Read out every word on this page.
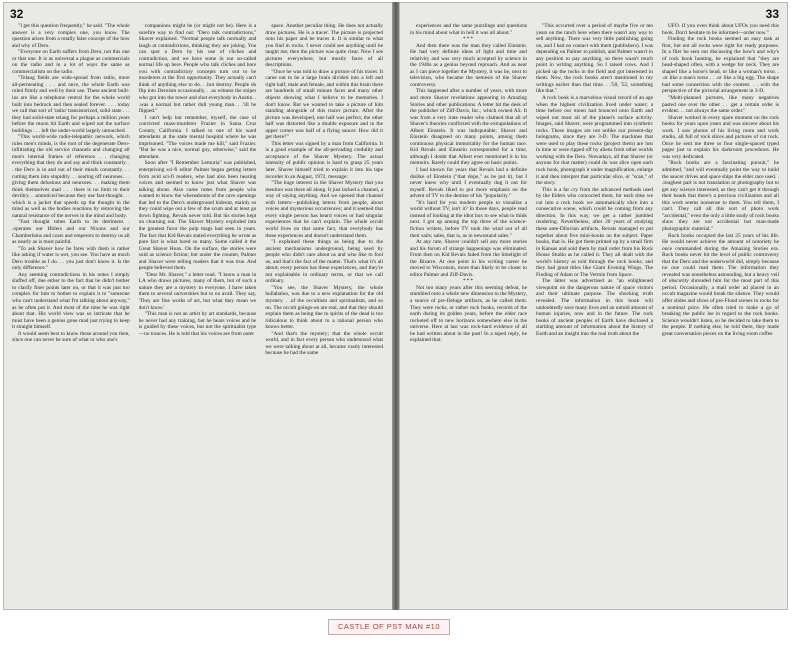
32

"I get this question frequently," he said. "The whole answer is a very complex one, you know. The question arises from a totally false concept of the how and why of Dero.

"Everyone on Earth suffers from Dero, not this one or that one. It is as universal a plague as commercials on the radio and in a lot of ways the same as commercialism on the radio.

"Telaug fields are wide-spread from radio, more all-permeating . . . and once, the whole Earth was ruled firmly and well by their use. These ancient built-ins are like a telephone central for the whole world built into bedrock and then sealed forever. . . . today we call that sort of 'radio' transistorized, solid state . . . they had solid-state telaug for perhaps a million years before the moon hit Earth and wiped out the surface buildings . . . left the under-world largely untouched.

"This world-wide radio-telepathic network, which rules men's minds, is the root of the degenerate Dero-infiltrating the old service channels and changing all men's internal frames of reference. . . changing everything that they do and say and think constantly. . . the Dero is in and out of their minds constantly. . . cutting them into stupidity. . . searing off neurones. . . giving them delusions and neuroses. . . making them think themselves mad . . . there is no limit to their deviltry. . .unnoticed because they use fast-thought. . . which is a jacket that speeds up the thought in the mind as well as the bodies reactions by removing the natural resistance of the nerves in the mind and body.

"Fast thought robes Earth to its detriment. . .operates our Hitlers and our Nixons and our Chamberlains and czars and emperors to destroy us all as nearly as is most painful.

"To ask Shaver how he fares with them is rather like asking if water is wet, you see. You have as much Dero trouble as I do. . . you just don't know it. Is the only difference."

Any seeming contradictions in his notes I simply sluffed off, due either to the fact that he didn't bother to clarify finer points later on, or that it was just too complex for him to bother to explain it to "someone who can't understand what I'm talking about anyway," as he often put it. And most of the time he was right about that. His world view was so intricate that he must have been a genius gone mad just trying to keep it straight himself.

It would seem best to know those around you then, since one can never be sure of what or who one's

companions might be (or might not be). Here is a surefire way to find out: "Dero talk contradictions," Shaver explained. "Normal people talk normally and laugh at contradictions, thinking they are joking. You can spot a Dero by his use of cliches and contradiction, and we have some in our so-called normal life up here. People who talk cliches and bore you with contradictory concepts turn out to be murderers at the first opportunity. They actually can't think of anything else to do. . .but destroy. People do flip into Deroism occasionally. . .as witness the sniper who got into the tower and shot everybody in Austin. . .was a normal but rather dull young man. . .'ill be flipped."

I can't help but remember, myself, the case of convicted mass-murderer Frazier in Santa Cruz County, California. I talked to one of his ward attendants at the state mental hospital where he was imprisoned. "The voices made me kill," said Frazier. "But he was a nice, normal guy, otherwise," said the attendant.

Soon after "I Remember Lemuria" was published, enterprising sci-fi editor Palmer began getting letters from avid sci-fi readers, who had also been hearing voices and seemed to know just what Shaver was talking about. Also came notes from people who wanted to know the whereabouts of the cave openings that led to the Dero's underground hideout, mainly so they could wipe out a few of the scum and at least go down fighting. Revals never told. But his stories kept on churning out. The Shaver Mystery exploded into the greatest furor the pulp mags had seen in years. The fact that Kid Revals stated everything he wrote as pure fact is what lured so many. Some called it the Great Shaver Hoax. On the surface, the stories were sold as science fiction; but under the counter, Palmer and Shaver were telling readers that it was true. And people believed them.

"Dear Mr. Shaver," a letter read. "I know a man in LA who draws pictures, many of them, but of such a nature they are a mystery to everyone. I have taken them to several universities but to no avail. They say, 'They are fine works of art, but what they mean we don't know.'

"This man is not an artist by art standards, because he never had any training, but he hears voices and he is guided by these voices, but not the spiritualist type—no trances. He is told that his voices are from outer

space. Another peculiar thing. He does not actually draw pictures. He is a tracer. The picture is projected onto his paper and he traces it. It is similar to what you find in rocks. I never could see anything until he taught me; then the picture was quite clear. Now I see pictures everywhere, but mostly faces of all descriptions.

"Once he was told to draw a picture of his tracer. It came out to be a large brain divided into a left and right half, male and female, and within this brain there are hundreds of small minute faces and many other objects showing what I believe to be memories. I don't know. But we wanted to take a picture of him standing alongside of this tracer picture. After the picture was developed, one half was perfect, the other half was distorted like a double exposure and in the upper corner was half of a flying saucer. How did it get there?"

This letter was signed by a man from California. It is a good example of the all-pervading credulity and acceptance of the Shaver Mystery. The actual intensity of public opinion is hard to grasp 25 years later. Shaver himself tried to explain it into his tape recorder in an August, 1972, message:

"The huge interest in the Shaver Mystery that you mention was there all along. It just lacked a channel, a way of saying anything. And we opened that channel with letters—publishing letters from people, about voices and mysterious occurrences; and it seemed that every single person has heard voices or had singular experiences that he can't explain. The whole occult world lives on that same fact, that everybody has these experiences and doesn't understand them.

"I explained these things as being due to the ancient mechanisms underground, being used by people who didn't care about us and who like to fool us, and that's the fact of the matter. That's what it's all about; every person has these experiences, and they're not explainable in ordinary terms, or that we call ordinary.

"You see, the Shaver Mystery, the whole hullabaloo, was due to a new explanation for the old mystery. . .of the occultism and spiritualism, and so on. The occult goings-on are real, and that they should explain them as being due to spirits of the dead is too ridiculous to think about to a rational person who knows better.

"And that's the mystery; that the whole occult world, and in fact every person who understood what we were talking about at all, became vastly interested because he had the same

33

experiences and the same puzzlings and questions in his mind about what in hell it was all about."

***

And then there was the man they called Einstein. He had very definite ideas of light and time and relativity and was very much accepted by science in the 1940s as a genius beyond reproach. And as near as I can piece together the Mystery, it was he, next to television, who became the nemesis of the Shaver controversy.

This happened after a number of years, with more and more Shaver revelations appearing in Amazing Stories and other publications. A letter hit the desk of the publisher of Ziff-Davis, Inc., which owned AS. It was from a very irate reader who claimed that all of Shaver's theories conflicted with the extrapolations of Albert Einstein. It was indisputable; Shaver and Einstein disagreed on many points, among them continuous physical immortality for the human race. Kid Revals and Einstein corresponded for a time, although I doubt that Albert ever mentioned it in his memoirs. Rarely could they agree on basic points.

I had known for years that Revals had a definite dislike of Einstein ("that dope," as he put it), but I never knew why until I eventually dug it out for myself. Revals liked to put more emphasis on the advent of TV to the demise of his "popularity."

"It's hard for you modern people to visualize a world without TV, isn't it? In those days, people read instead of looking at the idiot box to see what to think next. I got up among the top three of the science-fiction writers, before TV took the wind out of all their sails; sales, that is, as in newsstand sales."

At any rate, Shaver couldn't sell any more stories and his forum of strange happenings was eliminated. From then on Kid Revals faded from the limelight of the Bizarre. At one point in his writing career he moved to Wisconsin, more than likely to be closer to editor Palmer and Ziff-Davis.

***

Not too many years after this seeming defeat, he stumbled onto a whole new dimension to the Mystery, a source of pre-Deluge artifacts, as he called them. They were rocks, or rather rock books, records of the earth during its golden years, before the elder race rocketed off to new horizons somewhere else in the universe. Here at last was rock-hard evidence of all he had written about in the past! In a taped reply, he explained that:

"This occurred over a period of maybe five or ten years on the ranch here when there wasn't any way to sell anything. There was very little publishing going on, and I had no contact with them (publishers). I was depending on Palmer to publish, and Palmer wasn't in any position to pay anything, so there wasn't much point in writing anything. So I raised cows. And I picked up the rocks in the field and got interested in them. Now, the rock books aren't mentioned in my writings earlier than that time. . .'50, '52, something like that."

A rock book is a marvelous visual record of an age when the highest civilization lived under water; a time before our moon had bounced onto Earth and wiped out most all of the planet's surface activity. Images, said Shaver, were programmed into synthetic rocks. These images are not unlike our present-day holograms, since they are 3-D. The machines that were used to play these rocks (project them) are lost in time or were ripped off by aliens from other worlds working with the Dero. Nowadays, all that Shaver (or anyone for that matter) could do was slice open each rock book, photograph it under magnification, enlarge it and then interpret that particular slice, or "scan," of the story.

This is a far cry from the advanced methods used by the Elders who concocted them, for each time we cut into a rock book we automatically slice into a consecutive scene, which could be coming from any direction. In this way, we get a rather jumbled rendering. Nevertheless, after 20 years of studying these ante-Diluvian artifacts, Revals managed to put together about five mini-books on the subject. Paper books, that is. He got them printed up by a small firm in Kansas and sold them by mail order from his Rock House Studio as he called it. They all dealt with the world's history as told through the rock books; and they had great titles like Giant Evening Wings, The Finding of Adam or The Vermin from Space.

The latter was advertised as "an enlightened viewpoint on the dangerous nature of space visitors and their ultimate purpose. The shocking truth revealed. The information in this book will undoubtedly save many lives and an untold amount of human injuries, now and in the future. The rock books of ancient peoples of Earth have disclosed a startling amount of information about the history of Earth and an insight into the real truth about the

UFO. If you even think about UFOs you need this book. Don't hesitate to be informed—order now."

Finding the rock books seemed an easy task at first, but not all rocks were right for ready purposes. In a flier he sent out discussing the how's and why's of rock book hunting, he explained that "they are head-shaped often, with a wedge for neck. They are shaped like a horse's head, or like a woman's torso. . .or like a man's torso . . .or like a big egg. The shape had some connection with the content. . . with the perspective of the pictorial arrangement in 3-D.

"Multi-planned pictures, like many negatives pasted one over the other . . .get a certain order is evident. . . not always the same order."

Shaver worked in every spare moment on the rock books for years upon years and was sincere about his work. I saw photos of his living room and work studio, all full of rock slices and pictures of cut rock. Once he sent me three or four single-spaced typed pages just to explain his darkroom procedures. He was very dedicated.

"Rock books are a fascinating pursuit," he admitted, "and will eventually point the way to build the saucer drives and space ships the elder race used. . .toughest part is not translation or photography but to get any science interested, as they can't get it through their heads that there's a precious civilization and all this work seems nonsense to them. You tell them, I can't. They call all this sort of photo work "accidental," even the only a little study of rock books show they are not accidental but man-made photographic material."

Rock books occupied the last 25 years of his life. He would never achieve the amount of notoriety he once commanded during the Amazing Stories era. Rock books never hit the level of public controversy that the Dero and the underworld did, simply because no one could read them. The information they revealed was nonetheless astounding, but a heavy veil of obscurity shrouded him for the most part of this period. Occasionally, a mail order ad placed in an occult magazine would break the silence. They would offer slides and slices of pre-Flood scenes in rocks for a nominal price. He often tried to make a go of breaking the public lee in regard to the rock books. Science wouldn't listen, so he decided to take them to the people. If nothing else, he told them, they made great conversation pieces on the living room coffee

CASTLE OF PST MAN #10
